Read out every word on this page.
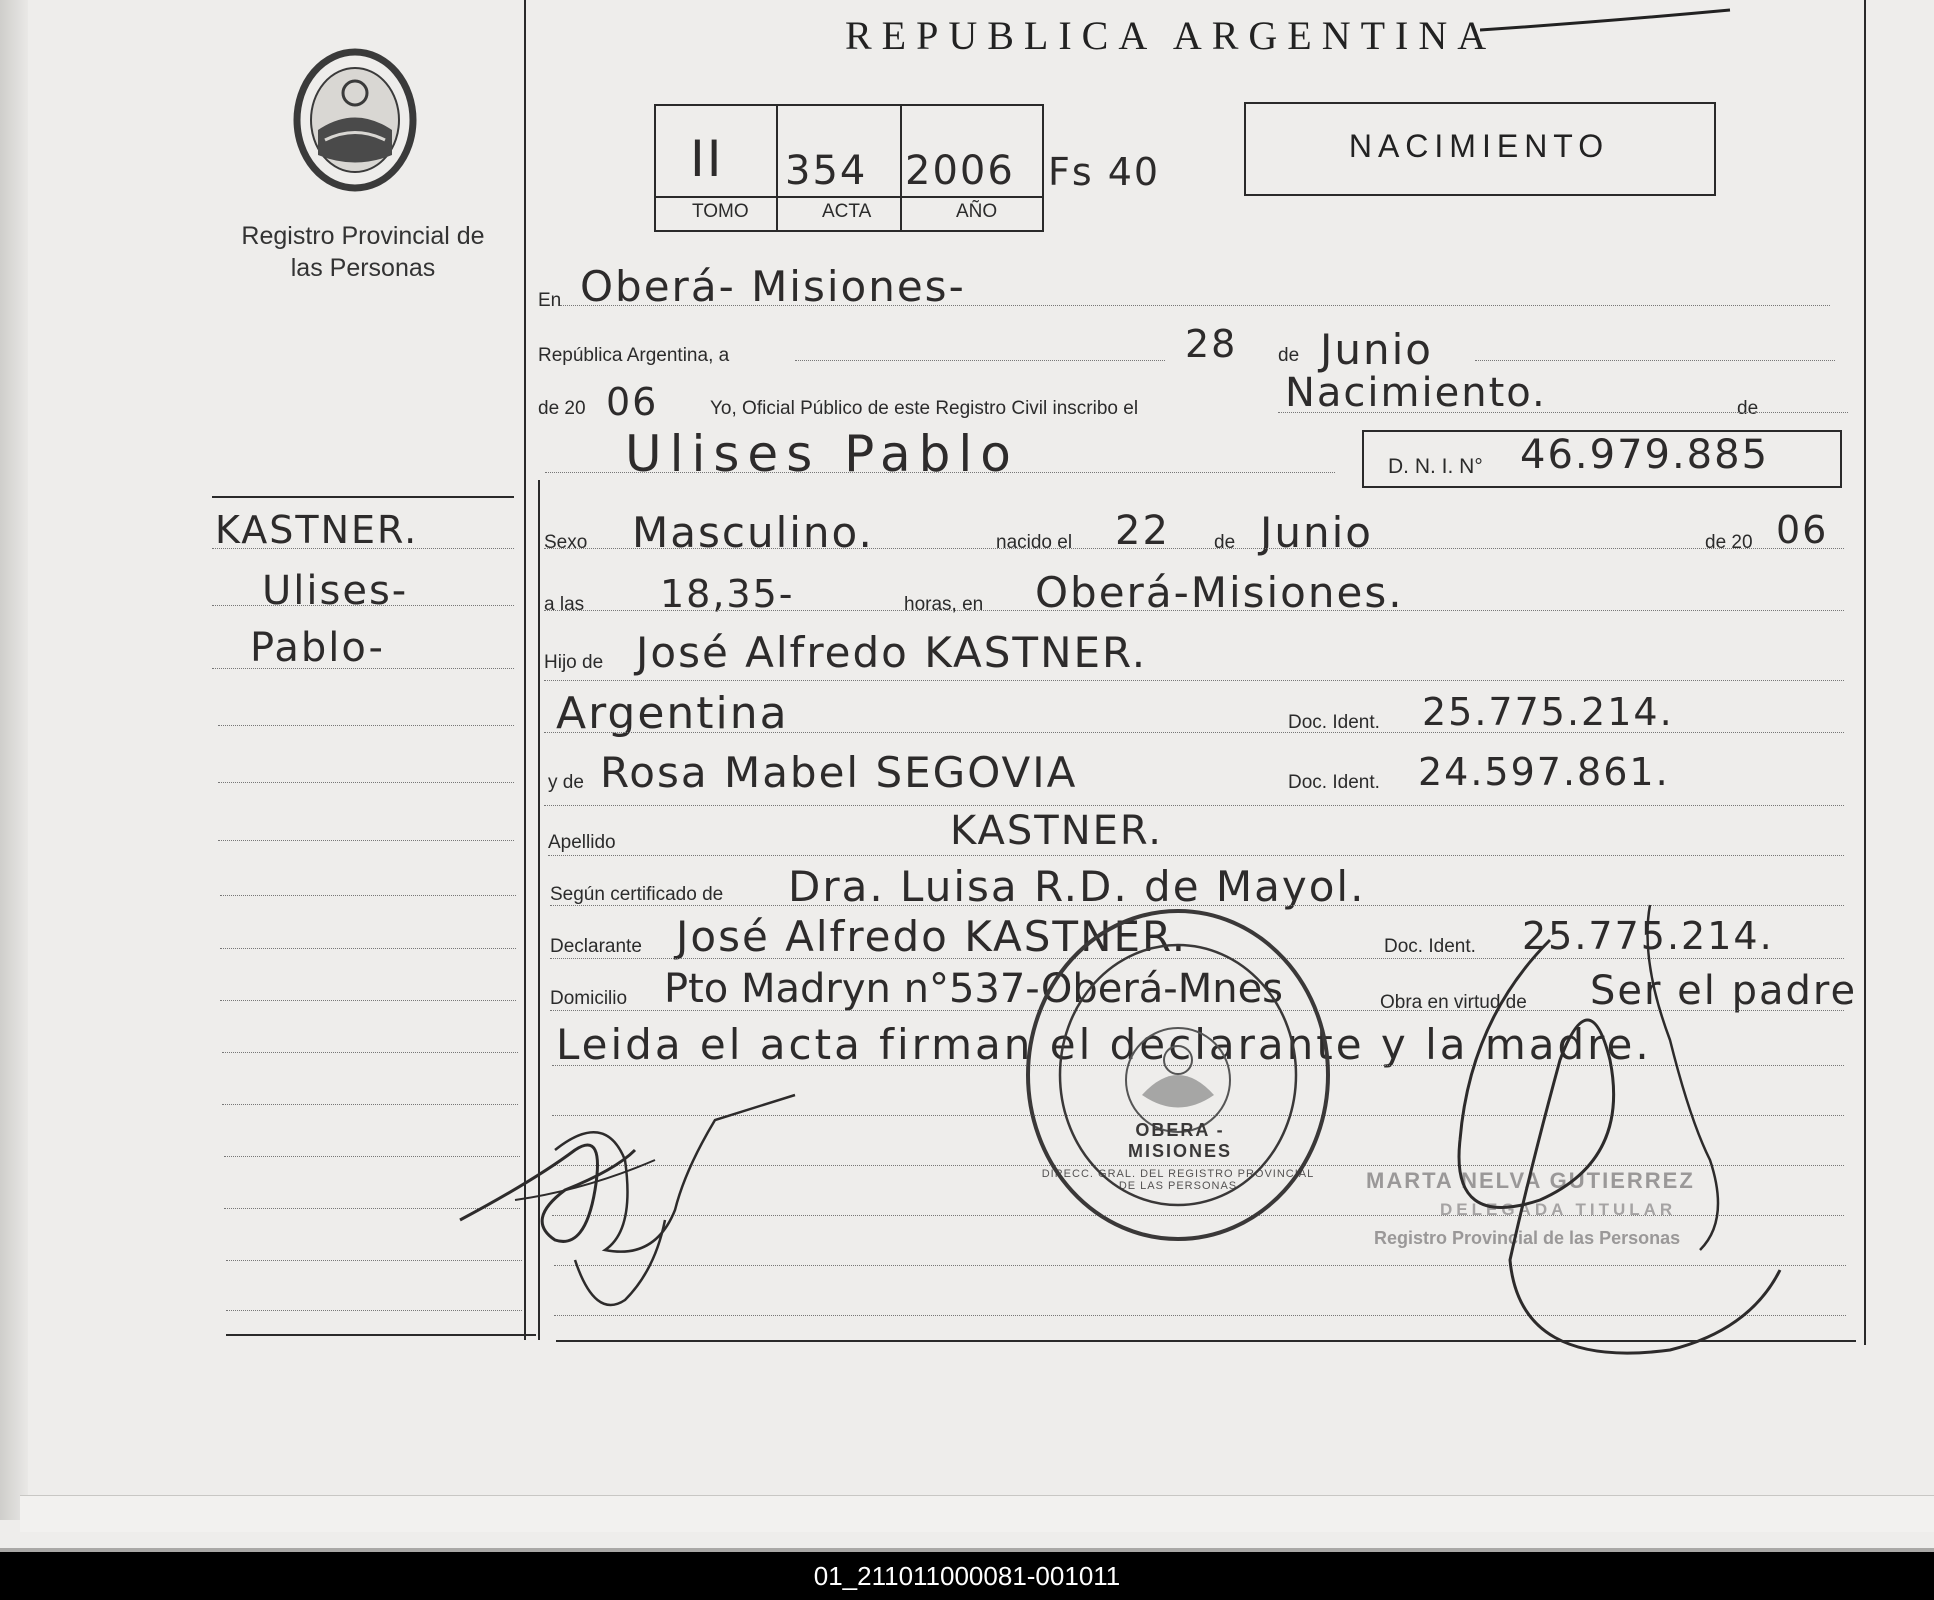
REPUBLICA ARGENTINA
Registro Provincial de las Personas
II 354 2006 Fs 40
TOMO	ACTA	AÑO
NACIMIENTO
KASTNER.
Ulises-
Pablo-
En Oberá- Misiones-
República Argentina, a	28 de Junio
de 20 06	Yo, Oficial Público de este Registro Civil inscribo el	Nacimiento.	de
Ulises Pablo	D. N. I. N° 46.979.885
Sexo Masculino.	nacido el 22 de Junio	de 20 06
a las 18,35-	horas, en Oberá-Misiones.
Hijo de José Alfredo KASTNER.
Argentina	Doc. Ident. 25.775.214.
y de Rosa Mabel SEGOVIA	Doc. Ident. 24.597.861.
Apellido	KASTNER.
Según certificado de Dra. Luisa R.D. de Mayol.
Declarante José Alfredo KASTNER.	Doc. Ident. 25.775.214.
Domicilio Pto Madryn n°537-Oberá-Mnes	Obra en virtud de Ser el padre
Leida el acta firman el declarante y la madre.
DIRECC. GRAL. DEL REGISTRO PROVINCIAL DE LAS PERSONAS
OBERA - MISIONES
MARTA NELVA GUTIERREZ
DELEGADA TITULAR
Registro Provincial de las Personas
01_211011000081-001011
